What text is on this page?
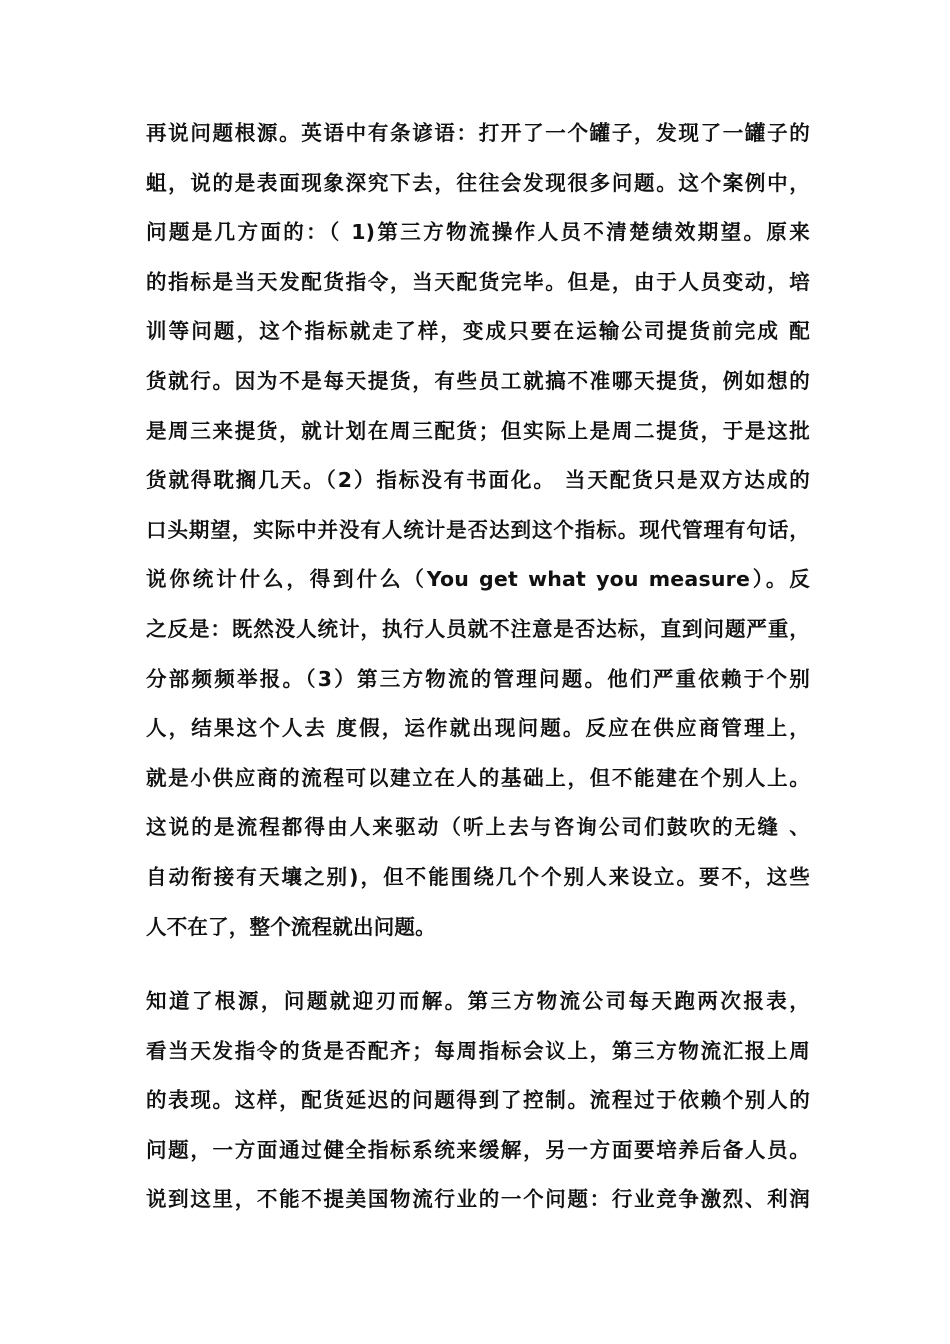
再说问题根源。英语中有条谚语：打开了一个罐子，发现了一罐子的
蛆，说的是表面现象深究下去，往往会发现很多问题。这个案例中，
问题是几方面的：（ 1)第三方物流操作人员不清楚绩效期望。原来
的指标是当天发配货指令，当天配货完毕。但是，由于人员变动，培
训等问题，这个指标就走了样，变成只要在运输公司提货前完成 配
货就行。因为不是每天提货，有些员工就搞不准哪天提货，例如想的
是周三来提货，就计划在周三配货；但实际上是周二提货，于是这批
货就得耽搁几天。（2）指标没有书面化。 当天配货只是双方达成的
口头期望，实际中并没有人统计是否达到这个指标。现代管理有句话，
说你统计什么，得到什么（You get what you measure）。反
之反是：既然没人统计，执行人员就不注意是否达标，直到问题严重，
分部频频举报。（3）第三方物流的管理问题。他们严重依赖于个别
人，结果这个人去 度假，运作就出现问题。反应在供应商管理上，
就是小供应商的流程可以建立在人的基础上，但不能建在个别人上。
这说的是流程都得由人来驱动（听上去与咨询公司们鼓吹的无缝 、
自动衔接有天壤之别)，但不能围绕几个个别人来设立。要不，这些
人不在了，整个流程就出问题。
知道了根源，问题就迎刃而解。第三方物流公司每天跑两次报表，
看当天发指令的货是否配齐；每周指标会议上，第三方物流汇报上周
的表现。这样，配货延迟的问题得到了控制。流程过于依赖个别人的
问题，一方面通过健全指标系统来缓解，另一方面要培养后备人员。
说到这里，不能不提美国物流行业的一个问题：行业竞争激烈、利润
